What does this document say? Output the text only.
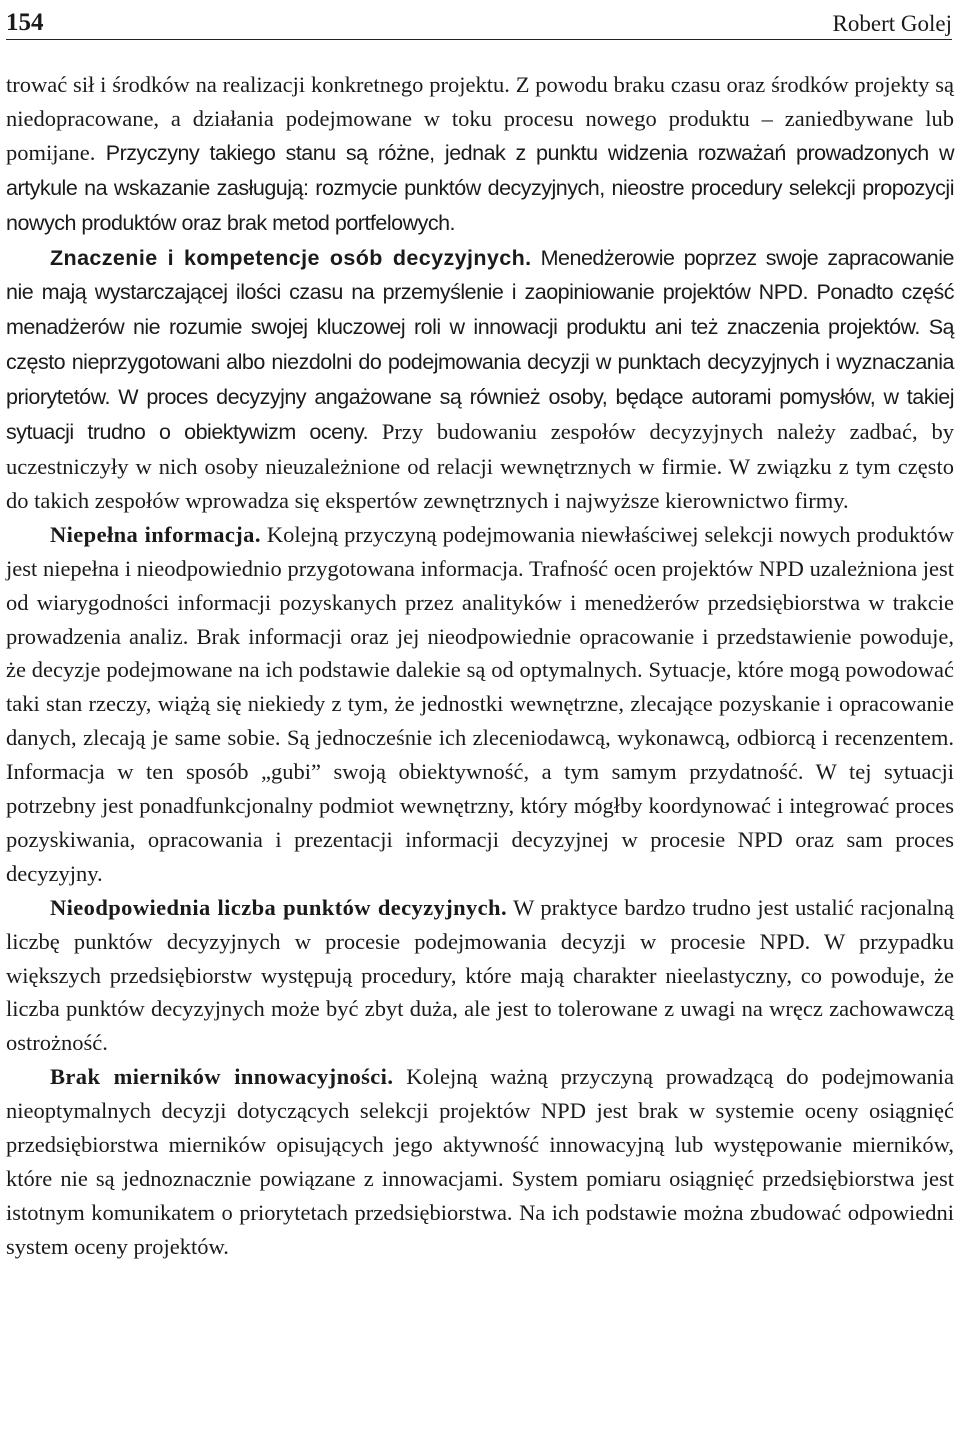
154	Robert Golej

trować sił i środków na realizacji konkretnego projektu. Z powodu braku czasu oraz środków projekty są niedopracowane, a działania podejmowane w toku procesu nowego produktu – zaniedbywane lub pomijane. Przyczyny takiego stanu są różne, jednak z punktu widzenia rozważań prowadzonych w artykule na wskazanie zasługują: rozmycie punktów decyzyjnych, nieostre procedury selekcji propozycji nowych produktów oraz brak metod portfelowych.

Znaczenie i kompetencje osób decyzyjnych. Menedżerowie poprzez swoje zapracowanie nie mają wystarczającej ilości czasu na przemyślenie i zaopiniowanie projektów NPD. Ponadto część menadżerów nie rozumie swojej kluczowej roli w innowacji produktu ani też znaczenia projektów. Są często nieprzygotowani albo niezdolni do podejmowania decyzji w punktach decyzyjnych i wyznaczania priorytetów. W proces decyzyjny angażowane są również osoby, będące autorami pomysłów, w takiej sytuacji trudno o obiektywizm oceny. Przy budowaniu zespołów decyzyjnych należy zadbać, by uczestniczyły w nich osoby nieuzależnione od relacji wewnętrznych w firmie. W związku z tym często do takich zespołów wprowadza się ekspertów zewnętrznych i najwyższe kierownictwo firmy.

Niepełna informacja. Kolejną przyczyną podejmowania niewłaściwej selekcji nowych produktów jest niepełna i nieodpowiednio przygotowana informacja. Trafność ocen projektów NPD uzależniona jest od wiarygodności informacji pozyskanych przez analityków i menedżerów przedsiębiorstwa w trakcie prowadzenia analiz. Brak informacji oraz jej nieodpowiednie opracowanie i przedstawienie powoduje, że decyzje podejmowane na ich podstawie dalekie są od optymalnych. Sytuacje, które mogą powodować taki stan rzeczy, wiążą się niekiedy z tym, że jednostki wewnętrzne, zlecające pozyskanie i opracowanie danych, zlecają je same sobie. Są jednocześnie ich zleceniodawcą, wykonawcą, odbiorcą i recenzentem. Informacja w ten sposób „gubi” swoją obiektywność, a tym samym przydatność. W tej sytuacji potrzebny jest ponadfunkcjonalny podmiot wewnętrzny, który mógłby koordynować i integrować proces pozyskiwania, opracowania i prezentacji informacji decyzyjnej w procesie NPD oraz sam proces decyzyjny.

Nieodpowiednia liczba punktów decyzyjnych. W praktyce bardzo trudno jest ustalić racjonalną liczbę punktów decyzyjnych w procesie podejmowania decyzji w procesie NPD. W przypadku większych przedsiębiorstw występują procedury, które mają charakter nieelastyczny, co powoduje, że liczba punktów decyzyjnych może być zbyt duża, ale jest to tolerowane z uwagi na wręcz zachowawczą ostrożność.

Brak mierników innowacyjności. Kolejną ważną przyczyną prowadzącą do podejmowania nieoptymalnych decyzji dotyczących selekcji projektów NPD jest brak w systemie oceny osiągnięć przedsiębiorstwa mierników opisujących jego aktywność innowacyjną lub występowanie mierników, które nie są jednoznacznie powiązane z innowacjami. System pomiaru osiągnięć przedsiębiorstwa jest istotnym komunikatem o priorytetach przedsiębiorstwa. Na ich podstawie można zbudować odpowiedni system oceny projektów.
